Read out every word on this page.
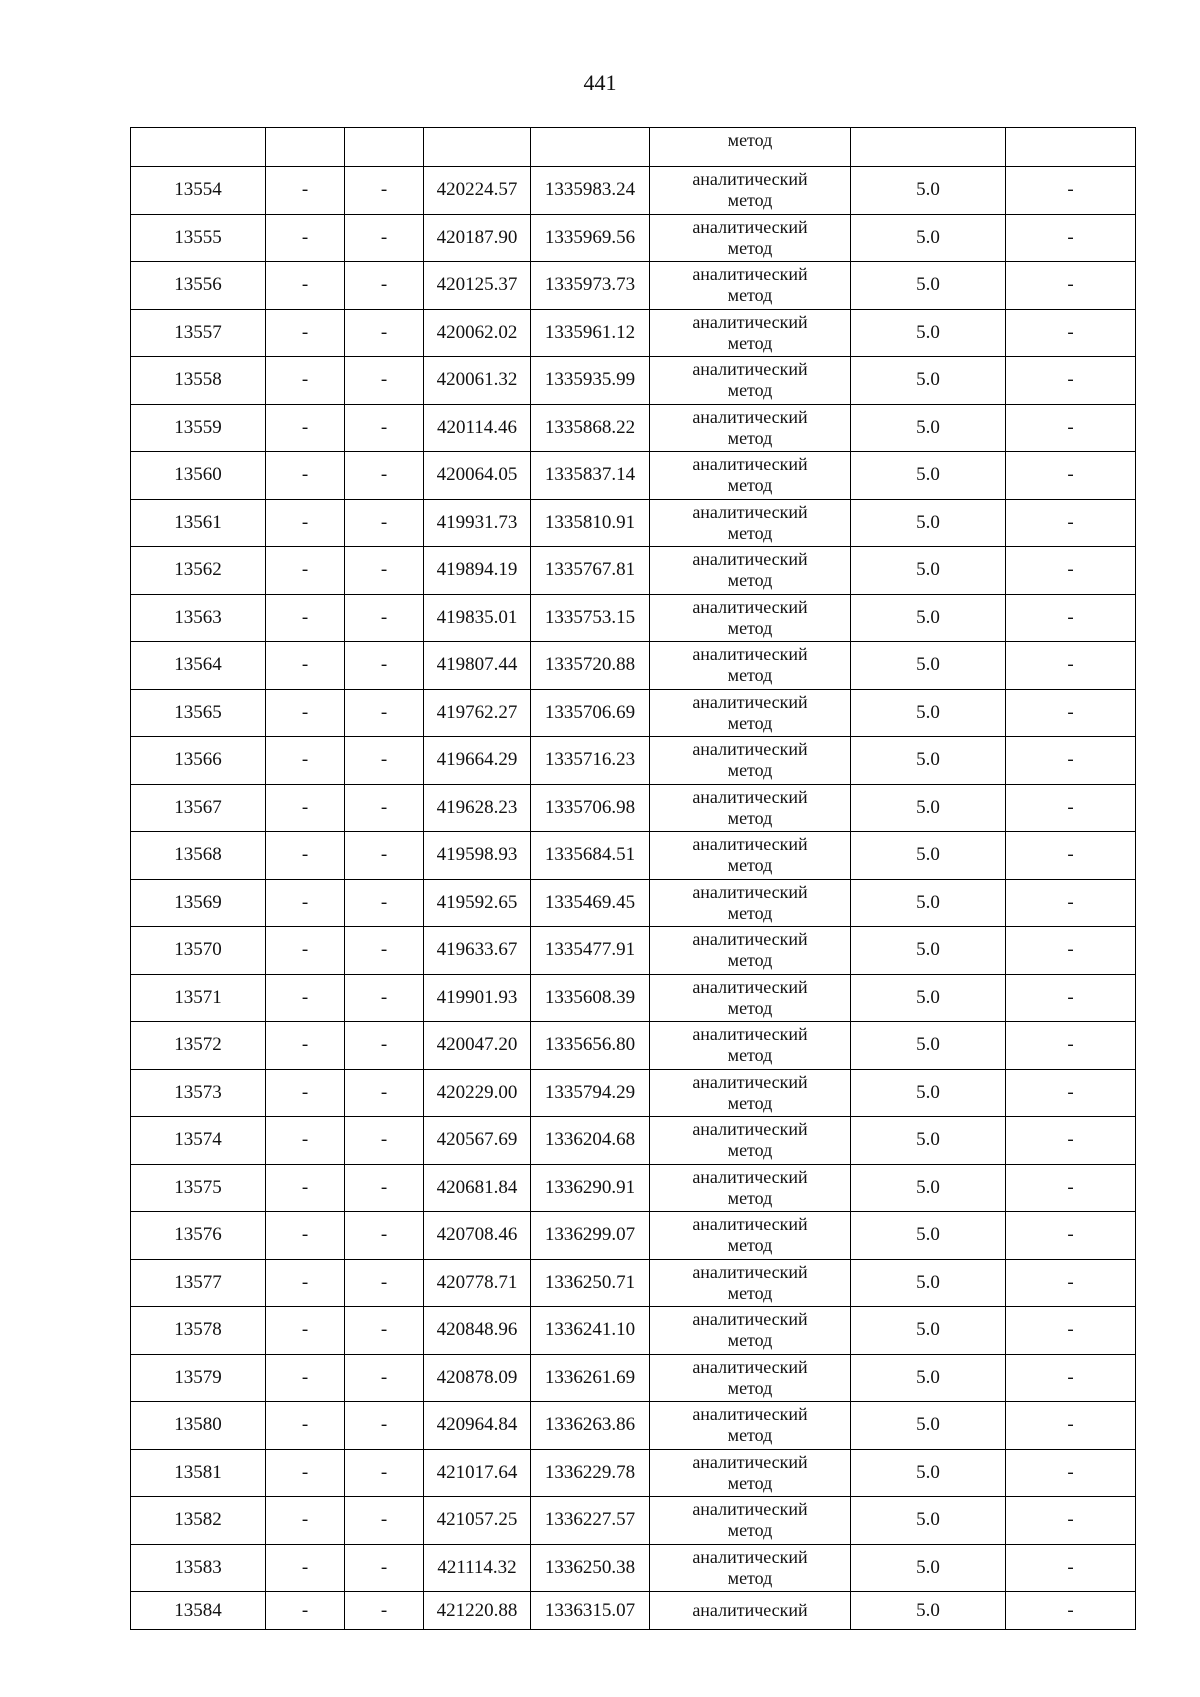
441
					метод		
13554	-	-	420224.57	1335983.24	аналитический
метод	5.0	-
13555	-	-	420187.90	1335969.56	аналитический
метод	5.0	-
13556	-	-	420125.37	1335973.73	аналитический
метод	5.0	-
13557	-	-	420062.02	1335961.12	аналитический
метод	5.0	-
13558	-	-	420061.32	1335935.99	аналитический
метод	5.0	-
13559	-	-	420114.46	1335868.22	аналитический
метод	5.0	-
13560	-	-	420064.05	1335837.14	аналитический
метод	5.0	-
13561	-	-	419931.73	1335810.91	аналитический
метод	5.0	-
13562	-	-	419894.19	1335767.81	аналитический
метод	5.0	-
13563	-	-	419835.01	1335753.15	аналитический
метод	5.0	-
13564	-	-	419807.44	1335720.88	аналитический
метод	5.0	-
13565	-	-	419762.27	1335706.69	аналитический
метод	5.0	-
13566	-	-	419664.29	1335716.23	аналитический
метод	5.0	-
13567	-	-	419628.23	1335706.98	аналитический
метод	5.0	-
13568	-	-	419598.93	1335684.51	аналитический
метод	5.0	-
13569	-	-	419592.65	1335469.45	аналитический
метод	5.0	-
13570	-	-	419633.67	1335477.91	аналитический
метод	5.0	-
13571	-	-	419901.93	1335608.39	аналитический
метод	5.0	-
13572	-	-	420047.20	1335656.80	аналитический
метод	5.0	-
13573	-	-	420229.00	1335794.29	аналитический
метод	5.0	-
13574	-	-	420567.69	1336204.68	аналитический
метод	5.0	-
13575	-	-	420681.84	1336290.91	аналитический
метод	5.0	-
13576	-	-	420708.46	1336299.07	аналитический
метод	5.0	-
13577	-	-	420778.71	1336250.71	аналитический
метод	5.0	-
13578	-	-	420848.96	1336241.10	аналитический
метод	5.0	-
13579	-	-	420878.09	1336261.69	аналитический
метод	5.0	-
13580	-	-	420964.84	1336263.86	аналитический
метод	5.0	-
13581	-	-	421017.64	1336229.78	аналитический
метод	5.0	-
13582	-	-	421057.25	1336227.57	аналитический
метод	5.0	-
13583	-	-	421114.32	1336250.38	аналитический
метод	5.0	-
13584	-	-	421220.88	1336315.07	аналитический	5.0	-
